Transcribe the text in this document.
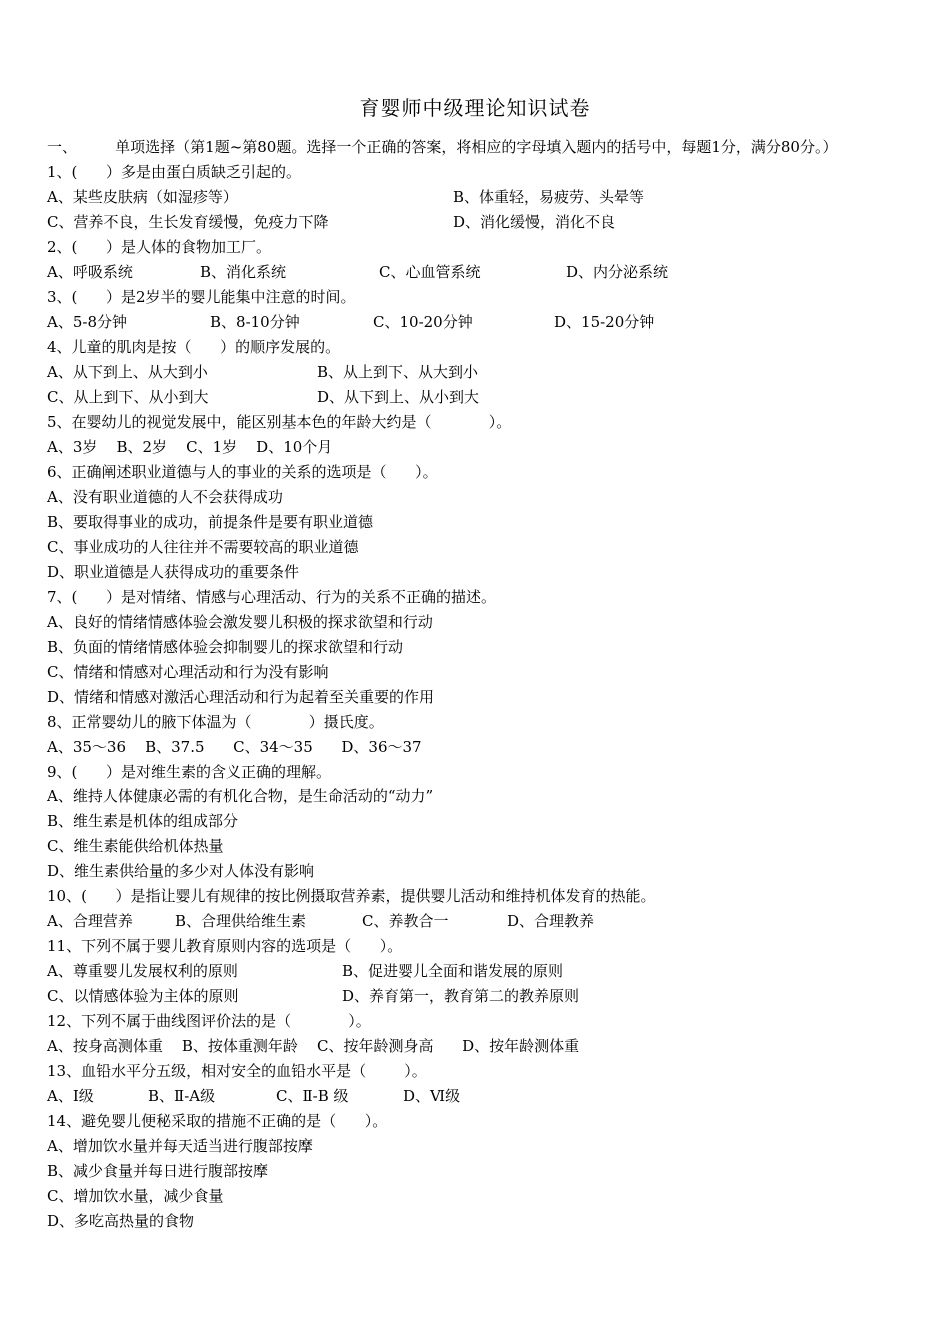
育婴师中级理论知识试卷
一、        单项选择（第1题~第80题。选择一个正确的答案，将相应的字母填入题内的括号中，每题1分，满分80分。）
1、(      ）多是由蛋白质缺乏引起的。
A、某些皮肤病（如湿疹等）	B、体重轻，易疲劳、头晕等
C、营养不良，生长发育缓慢，免疫力下降	D、消化缓慢，消化不良
2、(      ）是人体的食物加工厂。
A、呼吸系统	B、消化系统	C、心血管系统	D、内分泌系统
3、(      ）是2岁半的婴儿能集中注意的时间。
A、5-8分钟	B、8-10分钟	C、10-20分钟	D、15-20分钟
4、儿童的肌肉是按（      ）的顺序发展的。
A、从下到上、从大到小	B、从上到下、从大到小
C、从上到下、从小到大	D、从下到上、从小到大
5、在婴幼儿的视觉发展中，能区别基本色的年龄大约是（            ）。
A、3岁    B、2岁    C、1岁    D、10个月
6、正确阐述职业道德与人的事业的关系的选项是（      ）。
A、没有职业道德的人不会获得成功
B、要取得事业的成功，前提条件是要有职业道德
C、事业成功的人往往并不需要较高的职业道德
D、职业道德是人获得成功的重要条件
7、(      ）是对情绪、情感与心理活动、行为的关系不正确的描述。
A、良好的情绪情感体验会激发婴儿积极的探求欲望和行动
B、负面的情绪情感体验会抑制婴儿的探求欲望和行动
C、情绪和情感对心理活动和行为没有影响
D、情绪和情感对激活心理活动和行为起着至关重要的作用
8、正常婴幼儿的腋下体温为（            ）摄氏度。
A、35～36    B、37.5      C、34～35      D、36～37
9、(      ）是对维生素的含义正确的理解。
A、维持人体健康必需的有机化合物，是生命活动的“动力”
B、维生素是机体的组成部分
C、维生素能供给机体热量
D、维生素供给量的多少对人体没有影响
10、(      ）是指让婴儿有规律的按比例摄取营养素，提供婴儿活动和维持机体发育的热能。
A、合理营养	B、合理供给维生素	C、养教合一	D、合理教养
11、下列不属于婴儿教育原则内容的选项是（      ）。
A、尊重婴儿发展权利的原则	B、促进婴儿全面和谐发展的原则
C、以情感体验为主体的原则	D、养育第一，教育第二的教养原则
12、下列不属于曲线图评价法的是（            ）。
A、按身高测体重    B、按体重测年龄    C、按年龄测身高      D、按年龄测体重
13、血铅水平分五级，相对安全的血铅水平是（        ）。
A、Ⅰ级	B、Ⅱ-A级	C、Ⅱ-B 级	D、Ⅵ级
14、避免婴儿便秘采取的措施不正确的是（      ）。
A、增加饮水量并每天适当进行腹部按摩
B、减少食量并每日进行腹部按摩
C、增加饮水量，减少食量
D、多吃高热量的食物
